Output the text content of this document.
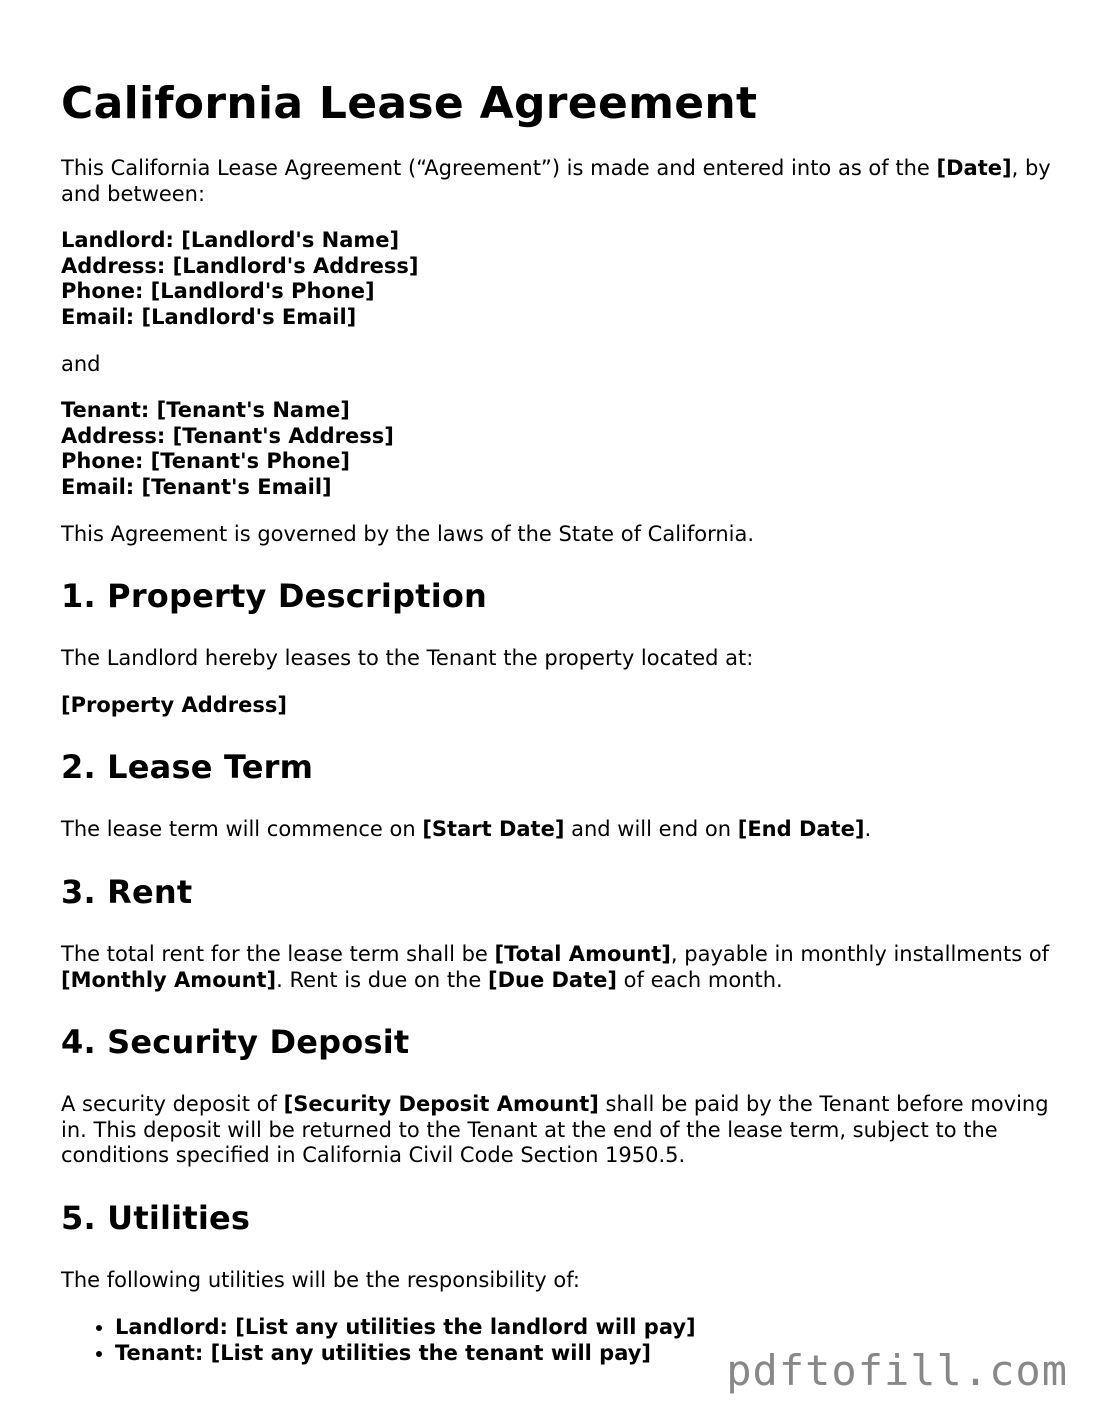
California Lease Agreement

This California Lease Agreement (“Agreement”) is made and entered into as of the [Date], by and between:

Landlord: [Landlord's Name]

Address: [Landlord's Address]

Phone: [Landlord's Phone]

Email: [Landlord's Email]

and

Tenant: [Tenant's Name]

Address: [Tenant's Address]

Phone: [Tenant's Phone]

Email: [Tenant's Email]

This Agreement is governed by the laws of the State of California.

1. Property Description

The Landlord hereby leases to the Tenant the property located at:

[Property Address]

2. Lease Term

The lease term will commence on [Start Date] and will end on [End Date].

3. Rent

The total rent for the lease term shall be [Total Amount], payable in monthly installments of [Monthly Amount]. Rent is due on the [Due Date] of each month.

4. Security Deposit

A security deposit of [Security Deposit Amount] shall be paid by the Tenant before moving in. This deposit will be returned to the Tenant at the end of the lease term, subject to the conditions specified in California Civil Code Section 1950.5.

5. Utilities

The following utilities will be the responsibility of:

• Landlord: [List any utilities the landlord will pay]
• Tenant: [List any utilities the tenant will pay]	pdftofill.com
